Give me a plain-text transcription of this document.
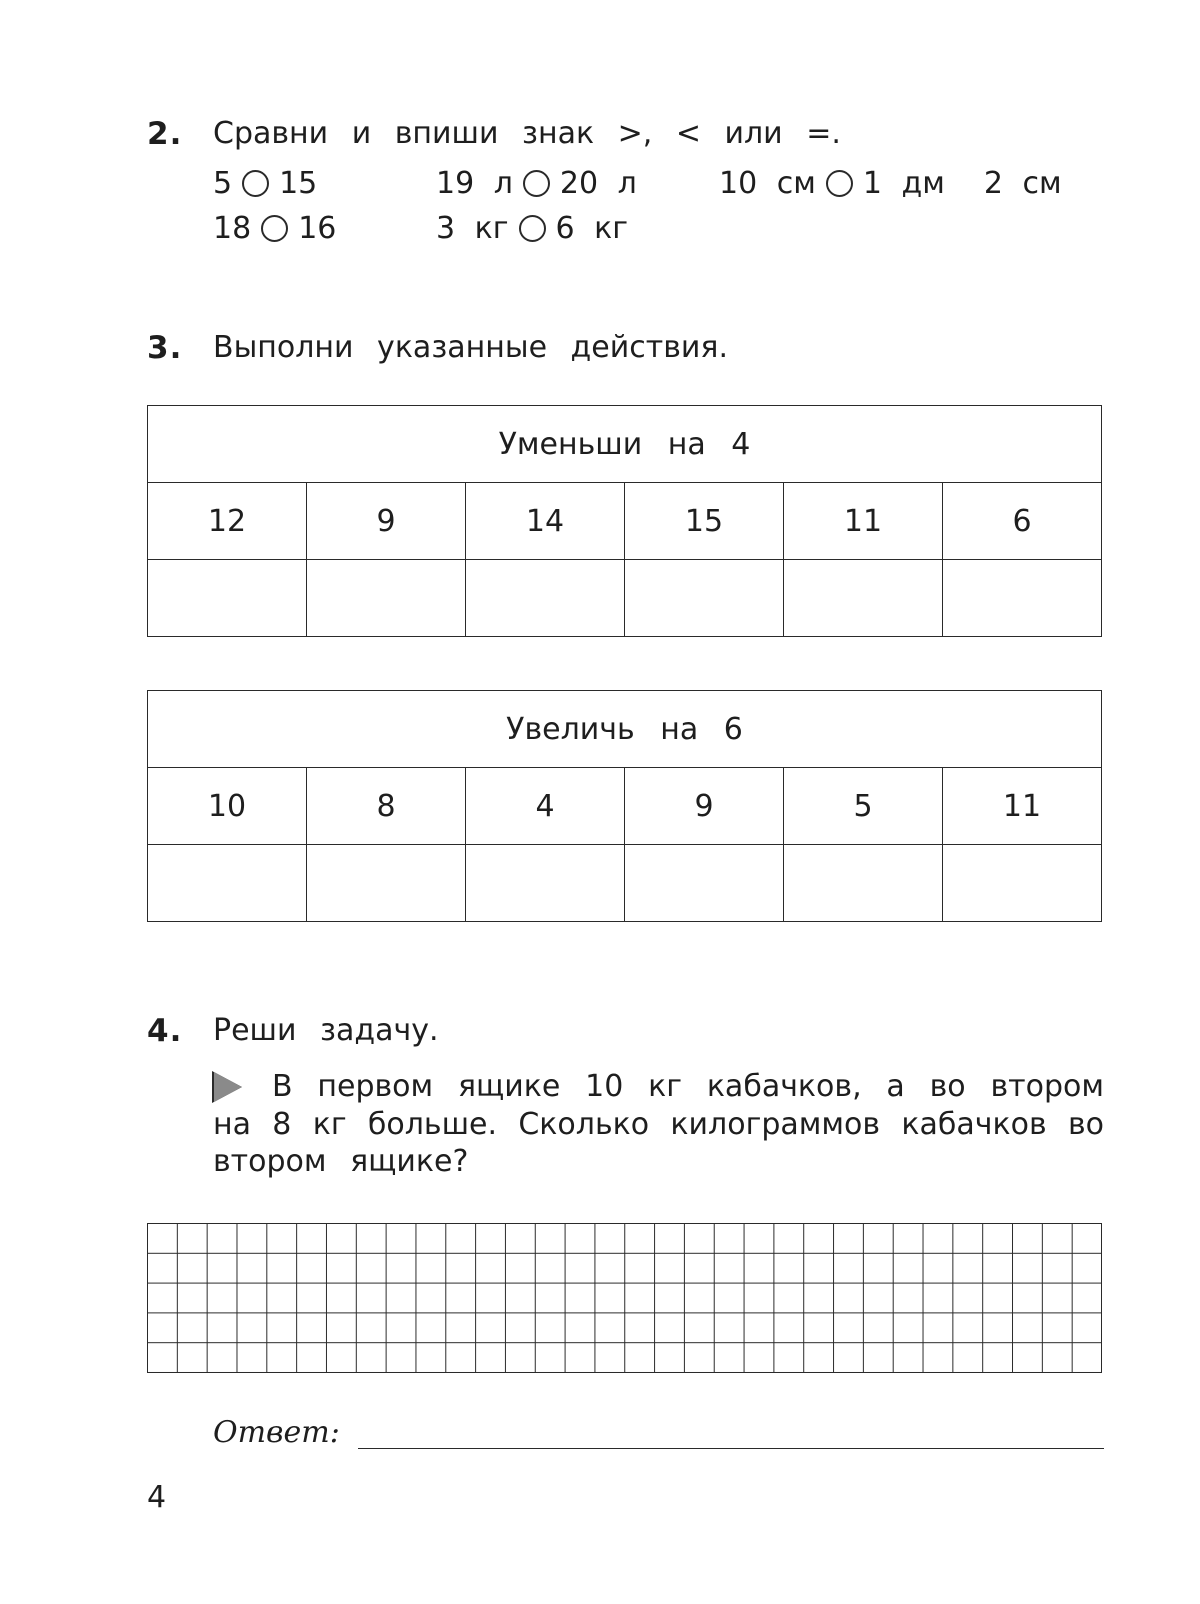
2. Сравни и впиши знак >, < или =.
5 15	19 л 20 л	10 см 1 дм  2 см
18 16	3 кг 6 кг
3. Выполни указанные действия.
Уменьши на 4					
12	9	14	15	11	6

Увеличь на 6					
10	8	4	9	5	11

4. Реши задачу.
В первом ящике 10 кг кабачков, а во втором
на 8 кг больше. Сколько килограммов кабачков во
втором ящике?
Ответ:
4
